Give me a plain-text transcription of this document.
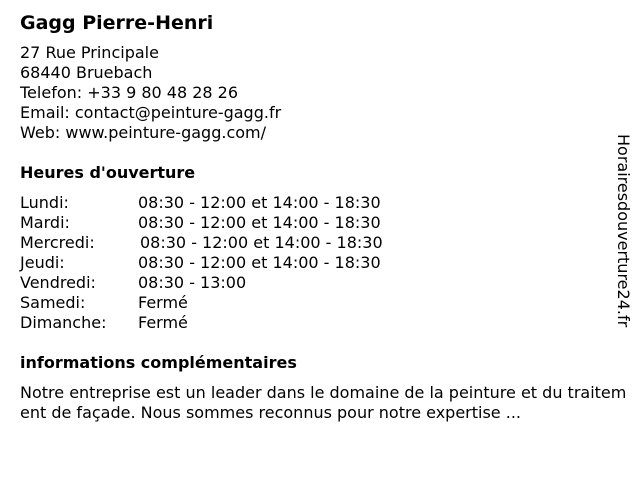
Gagg Pierre-Henri
27 Rue Principale
68440 Bruebach
Telefon: +33 9 80 48 28 26
Email: contact@peinture-gagg.fr
Web: www.peinture-gagg.com/
Heures d'ouverture
Lundi:	08:30 - 12:00 et 14:00 - 18:30
Mardi:	08:30 - 12:00 et 14:00 - 18:30
Mercredi:	08:30 - 12:00 et 14:00 - 18:30
Jeudi:	08:30 - 12:00 et 14:00 - 18:30
Vendredi:	08:30 - 13:00
Samedi:	Fermé
Dimanche: Fermé
informations complémentaires
Notre entreprise est un leader dans le domaine de la peinture et du traitement de façade. Nous sommes reconnus pour notre expertise ...
Horairesdouverture24.fr
